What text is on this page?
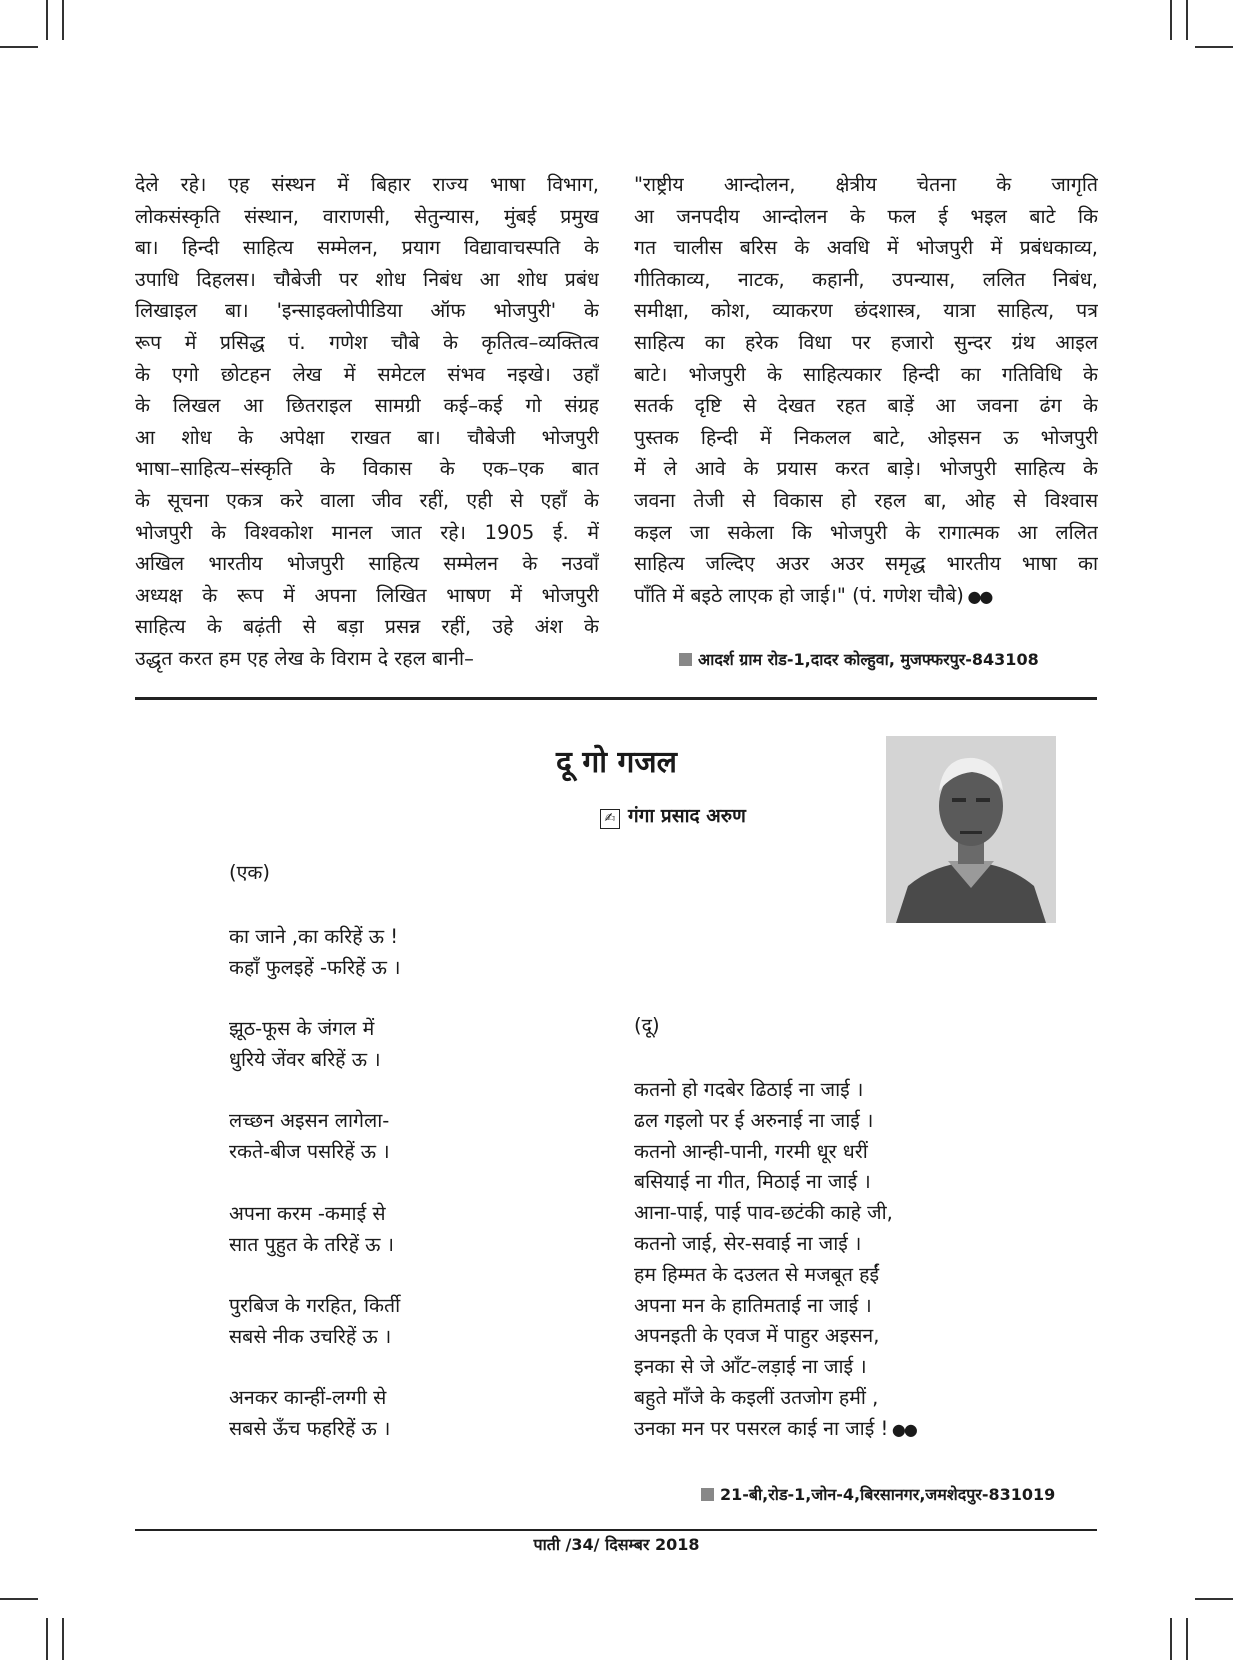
देले रहे। एह संस्थन में बिहार राज्य भाषा विभाग,
लोकसंस्कृति संस्थान, वाराणसी, सेतुन्यास, मुंबई प्रमुख
बा। हिन्दी साहित्य सम्मेलन, प्रयाग विद्यावाचस्पति के
उपाधि दिहलस। चौबेजी पर शोध निबंध आ शोध प्रबंध
लिखाइल बा। 'इन्साइक्लोपीडिया ऑफ भोजपुरी' के
रूप में प्रसिद्ध पं. गणेश चौबे के कृतित्व–व्यक्तित्व
के एगो छोटहन लेख में समेटल संभव नइखे। उहाँ
के लिखल आ छितराइल सामग्री कई–कई गो संग्रह
आ शोध के अपेक्षा राखत बा। चौबेजी भोजपुरी
भाषा–साहित्य–संस्कृति के विकास के एक–एक बात
के सूचना एकत्र करे वाला जीव रहीं, एही से एहाँ के
भोजपुरी के विश्वकोश मानल जात रहे। 1905 ई. में
अखिल भारतीय भोजपुरी साहित्य सम्मेलन के नउवाँ
अध्यक्ष के रूप में अपना लिखित भाषण में भोजपुरी
साहित्य के बढ़ंती से बड़ा प्रसन्न रहीं, उहे अंश के
उद्धृत करत हम एह लेख के विराम दे रहल बानी–
"राष्ट्रीय आन्दोलन, क्षेत्रीय चेतना के जागृति
आ जनपदीय आन्दोलन के फल ई भइल बाटे कि
गत चालीस बरिस के अवधि में भोजपुरी में प्रबंधकाव्य,
गीतिकाव्य, नाटक, कहानी, उपन्यास, ललित निबंध,
समीक्षा, कोश, व्याकरण छंदशास्त्र, यात्रा साहित्य, पत्र
साहित्य का हरेक विधा पर हजारो सुन्दर ग्रंथ आइल
बाटे। भोजपुरी के साहित्यकार हिन्दी का गतिविधि के
सतर्क दृष्टि से देखत रहत बाड़ें आ जवना ढंग के
पुस्तक हिन्दी में निकलल बाटे, ओइसन ऊ भोजपुरी
में ले आवे के प्रयास करत बाड़े। भोजपुरी साहित्य के
जवना तेजी से विकास हो रहल बा, ओह से विश्वास
कइल जा सकेला कि भोजपुरी के रागात्मक आ ललित
साहित्य जल्दिए अउर अउर समृद्ध भारतीय भाषा का
पाँति में बइठे लाएक हो जाई।" (पं. गणेश चौबे) ●●
आदर्श ग्राम रोड-1,दादर कोल्हुवा, मुजफ्फरपुर-843108
दू गो गजल
✍ गंगा प्रसाद अरुण
(एक)
का जाने ,का करिहें ऊ !
कहाँ फुलइहें -फरिहें ऊ ।
झूठ-फूस के जंगल में
धुरिये जेंवर बरिहें ऊ ।
लच्छन अइसन लागेला-
रकते-बीज पसरिहें ऊ ।
अपना करम -कमाई से
सात पुहुत के तरिहें ऊ ।
पुरबिज के गरहित, किर्ती
सबसे नीक उचरिहें ऊ ।
अनकर कान्हीं-लग्गी से
सबसे ऊँच फहरिहें ऊ ।
(दू)
कतनो हो गदबेर ढिठाई ना जाई ।
ढल गइलो पर ई अरुनाई ना जाई ।
कतनो आन्ही-पानी, गरमी धूर धरीं
बसियाई ना गीत, मिठाई ना जाई ।
आना-पाई, पाई पाव-छटंकी काहे जी,
कतनो जाई, सेर-सवाई ना जाई ।
हम हिम्मत के दउलत से मजबूत हईं
अपना मन के हातिमताई ना जाई ।
अपनइती के एवज में पाहुर अइसन,
इनका से जे आँट-लड़ाई ना जाई ।
बहुते माँजे के कइलीं उतजोग हमीं ,
उनका मन पर पसरल काई ना जाई ! ●●
21-बी,रोड-1,जोन-4,बिरसानगर,जमशेदपुर-831019
पाती /34/ दिसम्बर 2018
